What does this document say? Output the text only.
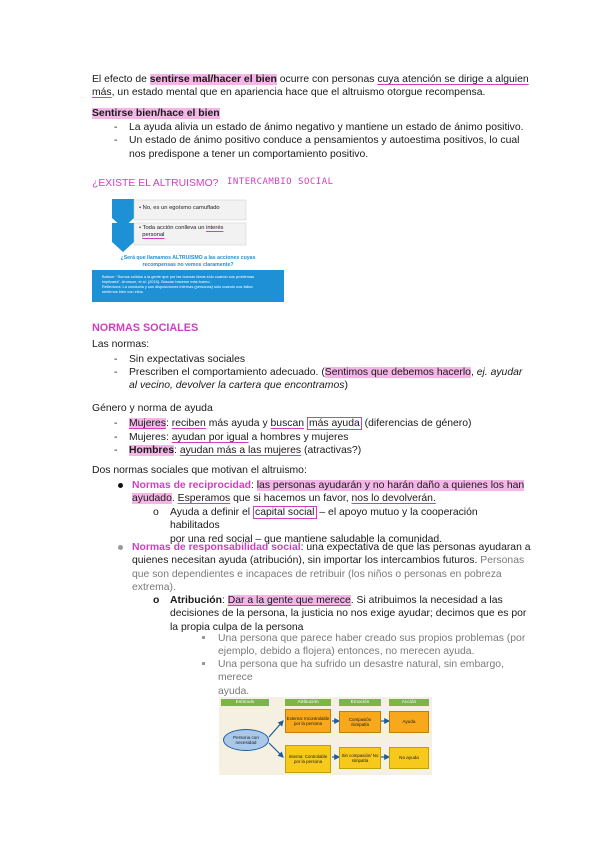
El efecto de sentirse mal/hacer el bien ocurre con personas cuya atención se dirige a alguien
más, un estado mental que en apariencia hace que el altruismo otorgue recompensa.
Sentirse bien/hace el bien
- La ayuda alivia un estado de ánimo negativo y mantiene un estado de ánimo positivo.
- Un estado de ánimo positivo conduce a pensamientos y autoestima positivos, lo cual
nos predispone a tener un comportamiento positivo.
¿EXISTE EL ALTRUISMO? INTERCAMBIO SOCIAL
• No, es un egoísmo camuflado
• Toda acción conlleva un interés
personal
¿Será que llamamos ALTRUISMO a las acciones cuyas
recompensas no vemos claramente?
Batson: “Somos sólidos a la gente que por las buenas ideas sólo cuando sus problemas
implicarla”. Aronson, et al. (2015). Buscan hacerse más bueno.
Reflexiona: La conducta y sus disposiciones internas (personas) sólo cuando nos fallan
sentirnos bien con ellos.
NORMAS SOCIALES
Las normas:
- Sin expectativas sociales
- Prescriben el comportamiento adecuado. (Sentimos que debemos hacerlo, ej. ayudar
al vecino, devolver la cartera que encontramos)
Género y norma de ayuda
- Mujeres: reciben más ayuda y buscan más ayuda (diferencias de género)
- Mujeres: ayudan por igual a hombres y mujeres
- Hombres: ayudan más a las mujeres (atractivas?)
Dos normas sociales que motivan el altruismo:
Normas de reciprocidad: las personas ayudarán y no harán daño a quienes los han
ayudado. Esperamos que si hacemos un favor, nos lo devolverán.
o Ayuda a definir el capital social – el apoyo mutuo y la cooperación habilitados
por una red social – que mantiene saludable la comunidad.
Normas de responsabilidad social: una expectativa de que las personas ayudaran a
quienes necesitan ayuda (atribución), sin importar los intercambios futuros. Personas
que son dependientes e incapaces de retribuir (los niños o personas en pobreza
extrema).
o Atribución: Dar a la gente que merece. Si atribuimos la necesidad a las
decisiones de la persona, la justicia no nos exige ayudar; decimos que es por
la propia culpa de la persona
Una persona que parece haber creado sus propios problemas (por
ejemplo, debido a flojera) entonces, no merecen ayuda.
Una persona que ha sufrido un desastre natural, sin embargo, merece
ayuda.
Estímulo	Atribución	Emoción	Acción
Persona con necesidad
Externa: Incontrolable por la persona
Interna: Controlable por la persona
Compasión /simpatía
Sin compasión/ No simpatía
Ayuda
No ayuda
